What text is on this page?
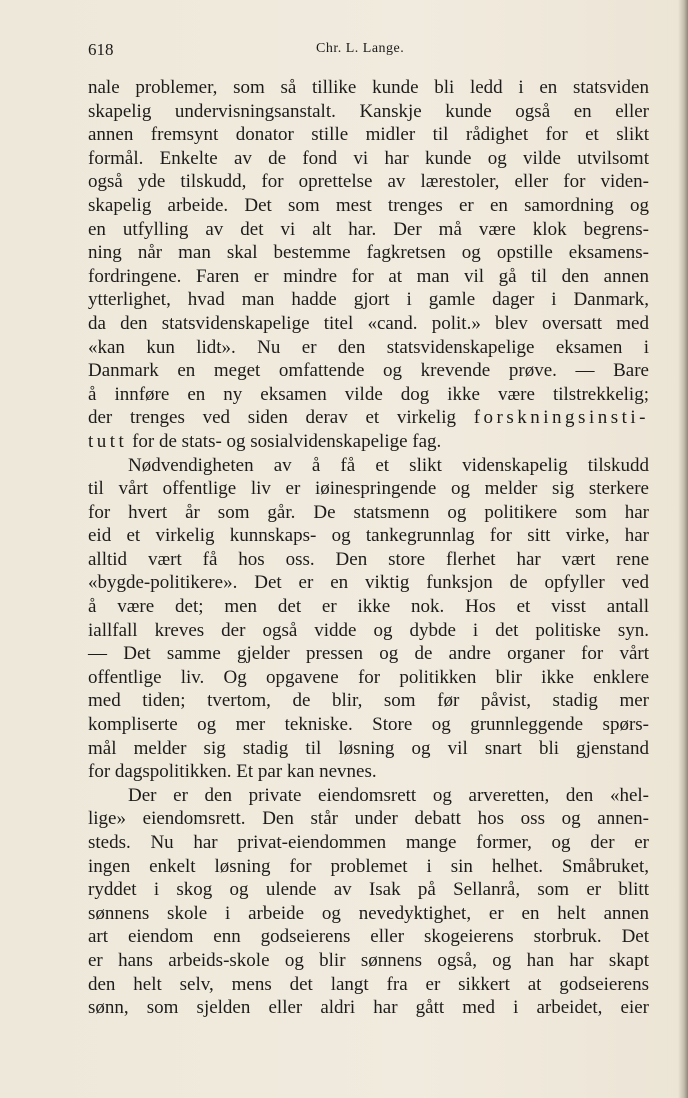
618	Chr. L. Lange.
nale problemer, som så tillike kunde bli ledd i en statsviden
skapelig undervisningsanstalt. Kanskje kunde også en eller
annen fremsynt donator stille midler til rådighet for et slikt
formål. Enkelte av de fond vi har kunde og vilde utvilsomt
også yde tilskudd, for oprettelse av lærestoler, eller for viden-
skapelig arbeide. Det som mest trenges er en samordning og
en utfylling av det vi alt har. Der må være klok begrens-
ning når man skal bestemme fagkretsen og opstille eksamens-
fordringene. Faren er mindre for at man vil gå til den annen
ytterlighet, hvad man hadde gjort i gamle dager i Danmark,
da den statsvidenskapelige titel «cand. polit.» blev oversatt med
«kan kun lidt». Nu er den statsvidenskapelige eksamen i
Danmark en meget omfattende og krevende prøve. — Bare
å innføre en ny eksamen vilde dog ikke være tilstrekkelig;
der trenges ved siden derav et virkelig forskningsinsti-
tutt for de stats- og sosialvidenskapelige fag.
Nødvendigheten av å få et slikt videnskapelig tilskudd
til vårt offentlige liv er iøinespringende og melder sig sterkere
for hvert år som går. De statsmenn og politikere som har
eid et virkelig kunnskaps- og tankegrunnlag for sitt virke, har
alltid vært få hos oss. Den store flerhet har vært rene
«bygde-politikere». Det er en viktig funksjon de opfyller ved
å være det; men det er ikke nok. Hos et visst antall
iallfall kreves der også vidde og dybde i det politiske syn.
— Det samme gjelder pressen og de andre organer for vårt
offentlige liv. Og opgavene for politikken blir ikke enklere
med tiden; tvertom, de blir, som før påvist, stadig mer
kompliserte og mer tekniske. Store og grunnleggende spørs-
mål melder sig stadig til løsning og vil snart bli gjenstand
for dagspolitikken. Et par kan nevnes.
Der er den private eiendomsrett og arveretten, den «hel-
lige» eiendomsrett. Den står under debatt hos oss og annen-
steds. Nu har privat-eiendommen mange former, og der er
ingen enkelt løsning for problemet i sin helhet. Småbruket,
ryddet i skog og ulende av Isak på Sellanrå, som er blitt
sønnens skole i arbeide og nevedyktighet, er en helt annen
art eiendom enn godseierens eller skogeierens storbruk. Det
er hans arbeids-skole og blir sønnens også, og han har skapt
den helt selv, mens det langt fra er sikkert at godseierens
sønn, som sjelden eller aldri har gått med i arbeidet, eier
